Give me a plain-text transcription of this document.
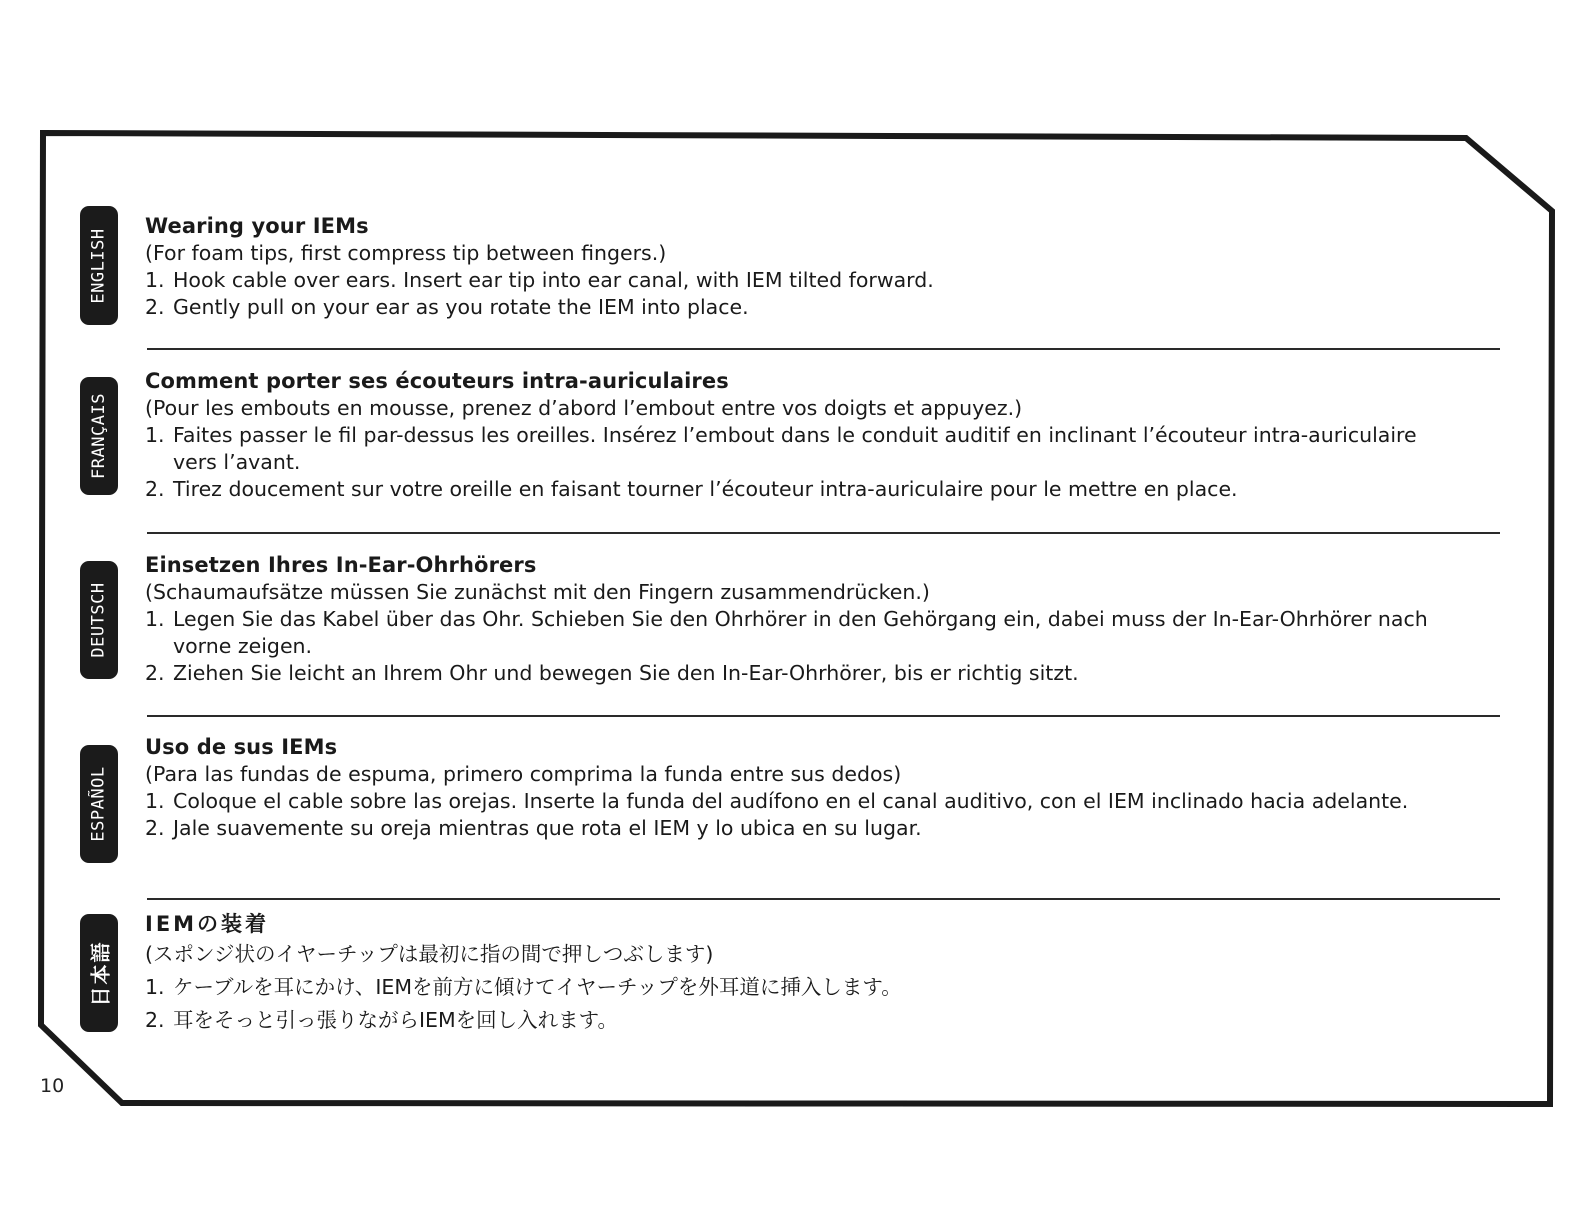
ENGLISH
FRANÇAIS
DEUTSCH
ESPAÑOL
日本語
Wearing your IEMs

(For foam tips, first compress tip between fingers.)

1. Hook cable over ears. Insert ear tip into ear canal, with IEM tilted forward.
2. Gently pull on your ear as you rotate the IEM into place.
Comment porter ses écouteurs intra-auriculaires

(Pour les embouts en mousse, prenez d’abord l’embout entre vos doigts et appuyez.)

1. Faites passer le fil par-dessus les oreilles. Insérez l’embout dans le conduit auditif en inclinant l’écouteur intra-auriculaire vers l’avant.
2. Tirez doucement sur votre oreille en faisant tourner l’écouteur intra-auriculaire pour le mettre en place.
Einsetzen Ihres In-Ear-Ohrhörers

(Schaumaufsätze müssen Sie zunächst mit den Fingern zusammendrücken.)

1. Legen Sie das Kabel über das Ohr. Schieben Sie den Ohrhörer in den Gehörgang ein, dabei muss der In-Ear-Ohrhörer nach vorne zeigen.
2. Ziehen Sie leicht an Ihrem Ohr und bewegen Sie den In-Ear-Ohrhörer, bis er richtig sitzt.
Uso de sus IEMs

(Para las fundas de espuma, primero comprima la funda entre sus dedos)

1. Coloque el cable sobre las orejas. Inserte la funda del audífono en el canal auditivo, con el IEM inclinado hacia adelante.
2. Jale suavemente su oreja mientras que rota el IEM y lo ubica en su lugar.
IEMの装着

(スポンジ状のイヤーチップは最初に指の間で押しつぶします)

1. ケーブルを耳にかけ、IEMを前方に傾けてイヤーチップを外耳道に挿入します。
2. 耳をそっと引っ張りながらIEMを回し入れます。
10
